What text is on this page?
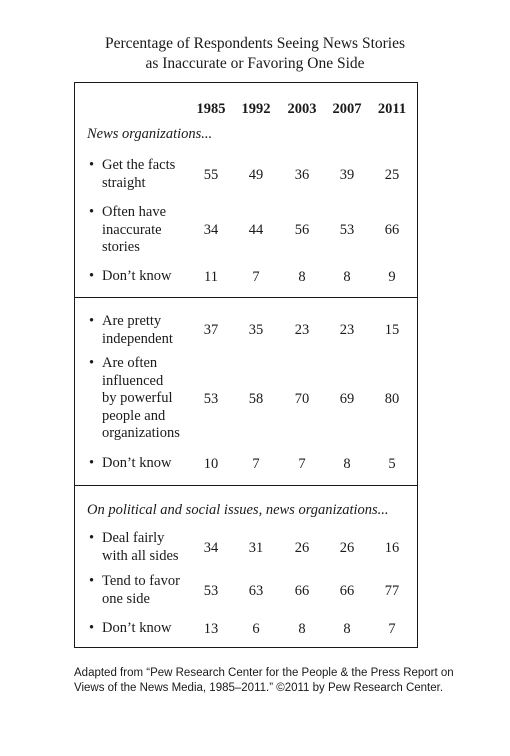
Percentage of Respondents Seeing News Stories
as Inaccurate or Favoring One Side
1985	1992	2003	2007	2011
News organizations...
• Get the facts
straight	55	49	36	39	25
• Often have
inaccurate
stories
34	44	56	53	66
• Don’t know	11	7	8	8	9
• Are pretty
independent
37	35	23	23	15
• Are often
influenced
by powerful
people and
organizations
53	58	70	69	80
• Don’t know	10	7	7	8	5
On political and social issues, news organizations...
• Deal fairly
with all sides	34	31	26	26	16
• Tend to favor
one side	53	63	66	66	77
• Don’t know	13	6	8	8	7
Adapted from “Pew Research Center for the People & the Press Report on
Views of the News Media, 1985–2011.” ©2011 by Pew Research Center.
